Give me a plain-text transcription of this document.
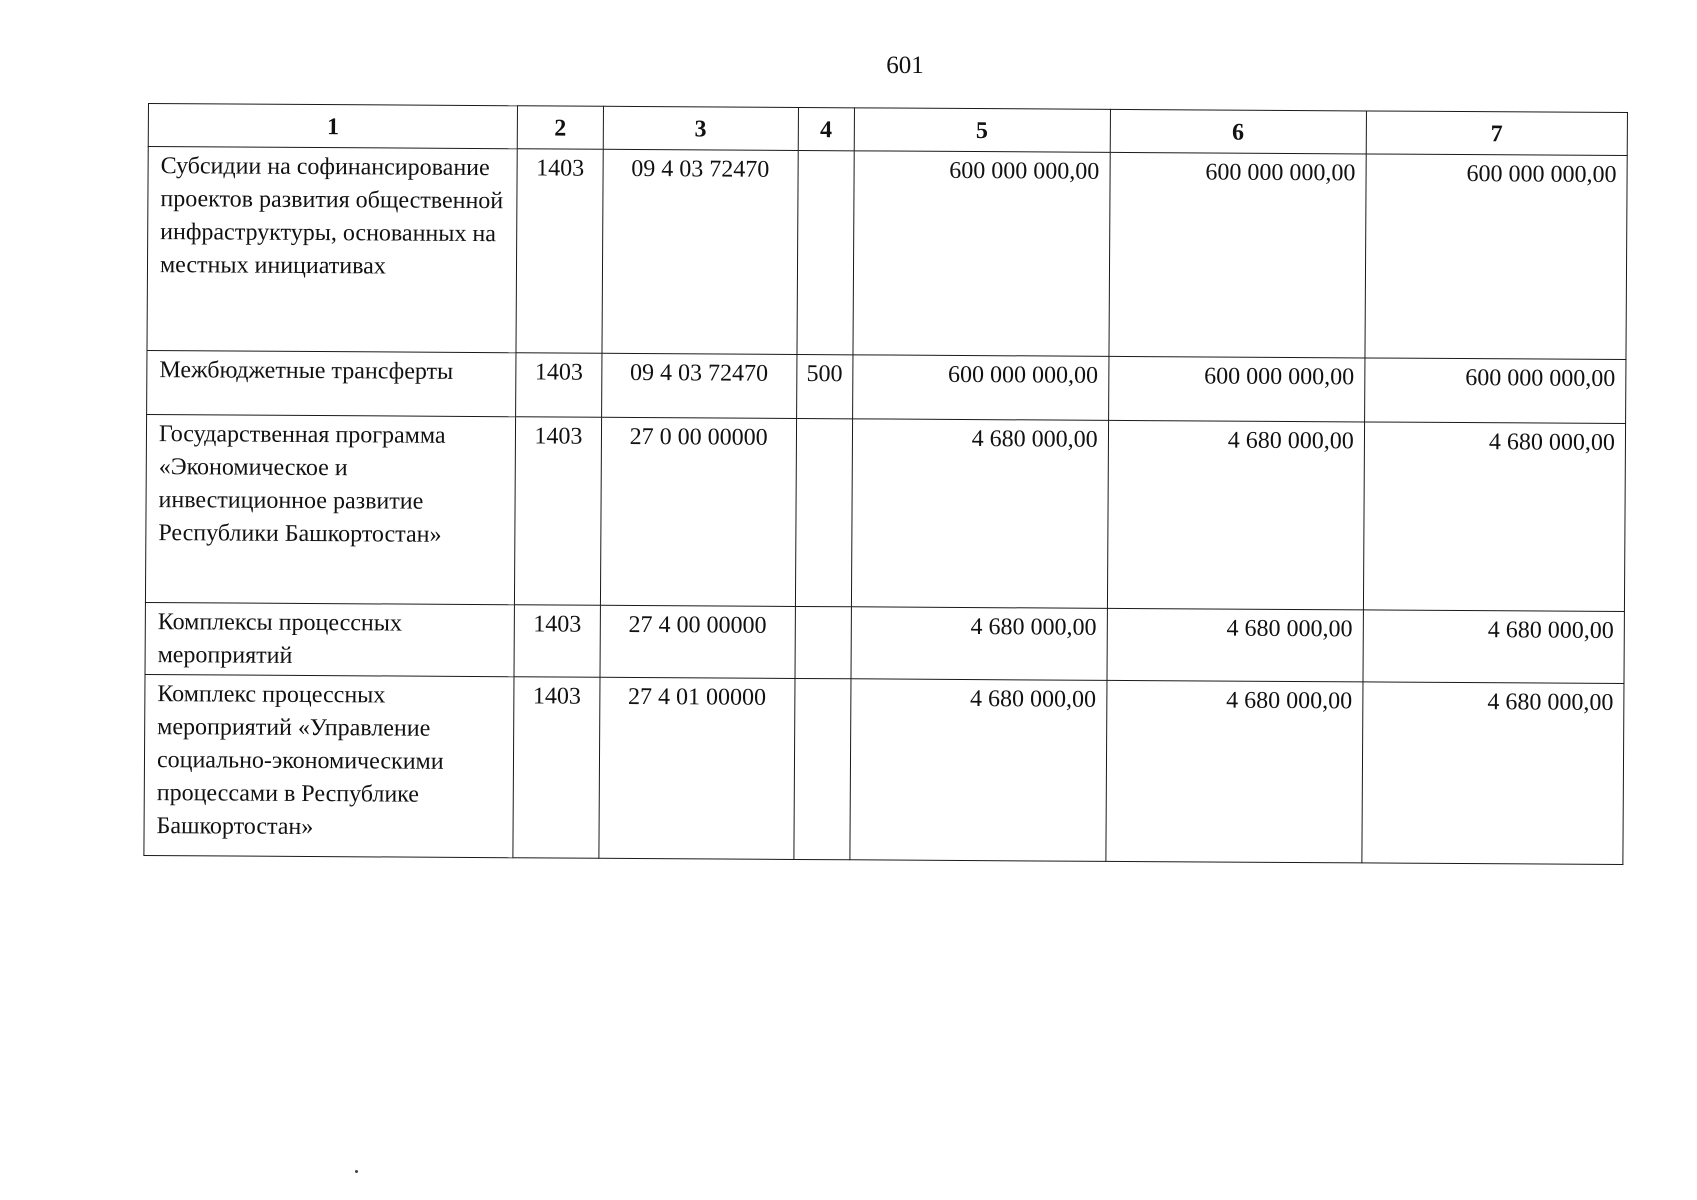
601
1	2	3	4	5	6	7
Субсидии на софинансирование проектов развития общественной инфраструктуры, основанных на местных инициативах	1403	09 4 03 72470		600 000 000,00	600 000 000,00	600 000 000,00
Межбюджетные трансферты	1403	09 4 03 72470	500	600 000 000,00	600 000 000,00	600 000 000,00
Государственная программа «Экономическое и инвестиционное развитие Республики Башкортостан»	1403	27 0 00 00000		4 680 000,00	4 680 000,00	4 680 000,00
Комплексы процессных мероприятий	1403	27 4 00 00000		4 680 000,00	4 680 000,00	4 680 000,00
Комплекс процессных мероприятий «Управление социально-экономическими процессами в Республике Башкортостан»	1403	27 4 01 00000		4 680 000,00	4 680 000,00	4 680 000,00
